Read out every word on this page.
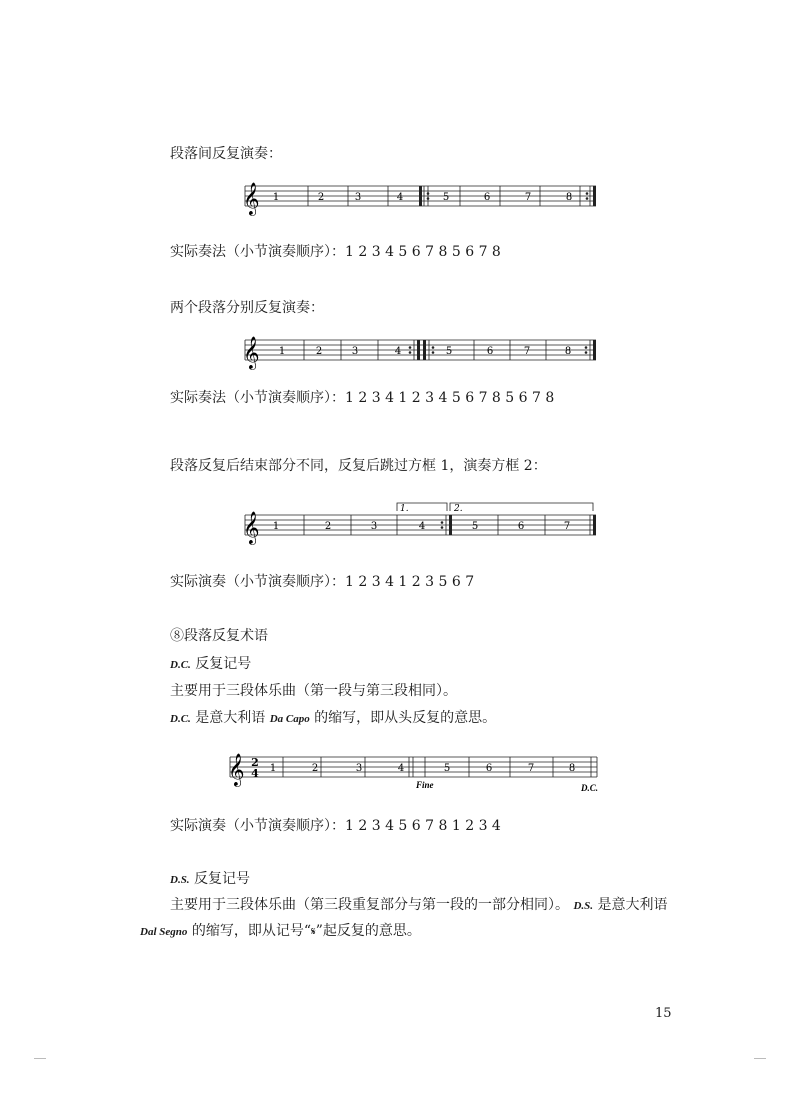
段落间反复演奏：
𝄞 1	2	3	4	5	6	7	8
实际奏法（小节演奏顺序）：1 2 3 4 5 6 7 8 5 6 7 8
两个段落分别反复演奏：
𝄞 1	2	3	4	5	6	7	8
实际奏法（小节演奏顺序）：1 2 3 4 1 2 3 4 5 6 7 8 5 6 7 8
段落反复后结束部分不同，反复后跳过方框 1，演奏方框 2：
1.	2.
𝄞 1	2	3	4	5	6	7
实际演奏（小节演奏顺序）：1 2 3 4 1 2 3 5 6 7
⑧段落反复术语
D.C. 反复记号
主要用于三段体乐曲（第一段与第三段相同）。
D.C. 是意大利语 Da Capo 的缩写，即从头反复的意思。
𝄞 2
4 1	2	3	4	5	6	7	8
Fine	D.C.
实际演奏（小节演奏顺序）：1 2 3 4 5 6 7 8 1 2 3 4
D.S. 反复记号
主要用于三段体乐曲（第三段重复部分与第一段的一部分相同）。 D.S. 是意大利语
Dal Segno 的缩写，即从记号“𝄋”起反复的意思。
15
